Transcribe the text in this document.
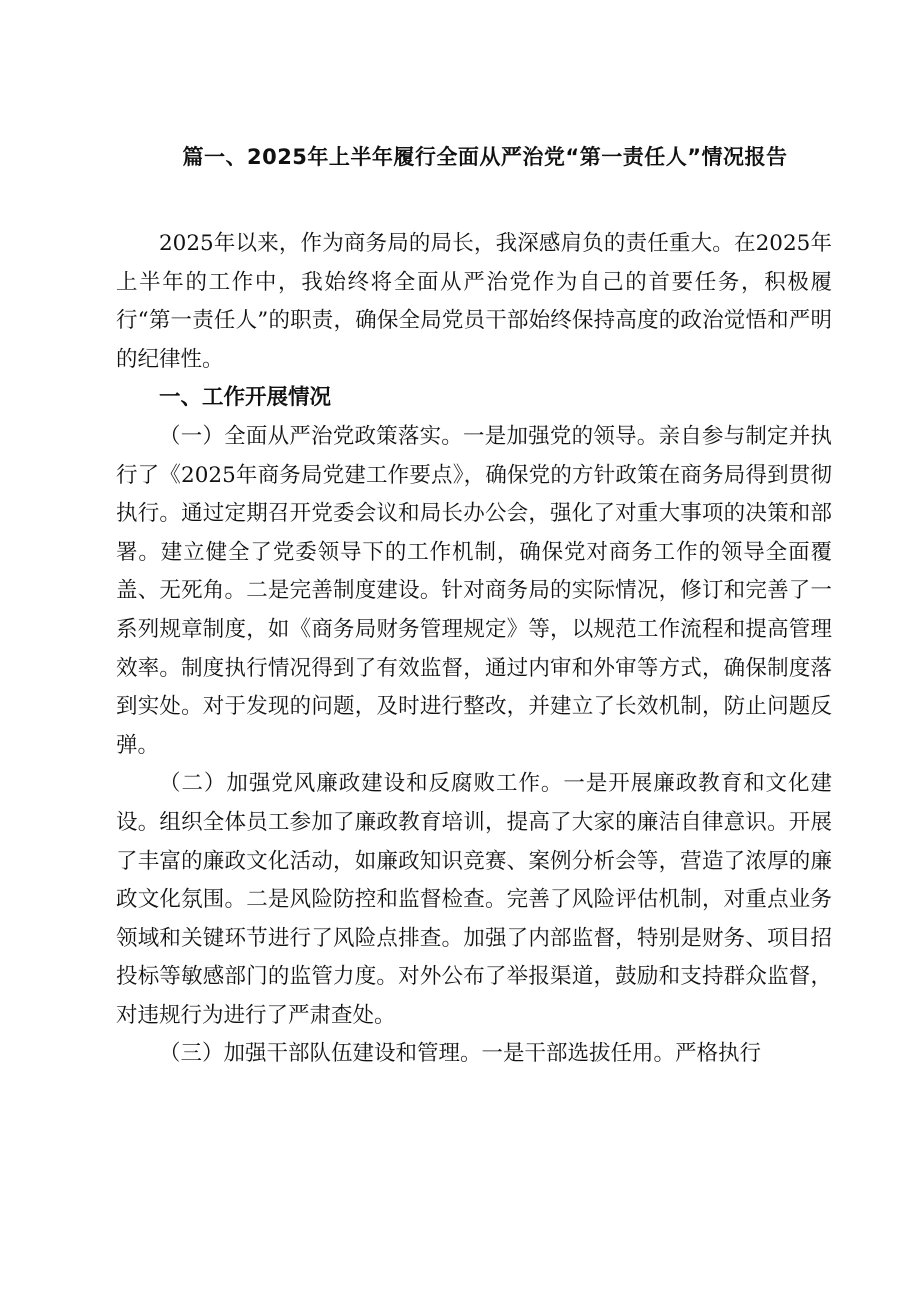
篇一、2025年上半年履行全面从严治党“第一责任人”情况报告

2025年以来，作为商务局的局长，我深感肩负的责任重大。在2025年上半年的工作中，我始终将全面从严治党作为自己的首要任务，积极履行“第一责任人”的职责，确保全局党员干部始终保持高度的政治觉悟和严明的纪律性。

一、工作开展情况

（一）全面从严治党政策落实。一是加强党的领导。亲自参与制定并执行了《2025年商务局党建工作要点》，确保党的方针政策在商务局得到贯彻执行。通过定期召开党委会议和局长办公会，强化了对重大事项的决策和部署。建立健全了党委领导下的工作机制，确保党对商务工作的领导全面覆盖、无死角。二是完善制度建设。针对商务局的实际情况，修订和完善了一系列规章制度，如《商务局财务管理规定》等，以规范工作流程和提高管理效率。制度执行情况得到了有效监督，通过内审和外审等方式，确保制度落到实处。对于发现的问题，及时进行整改，并建立了长效机制，防止问题反弹。

（二）加强党风廉政建设和反腐败工作。一是开展廉政教育和文化建设。组织全体员工参加了廉政教育培训，提高了大家的廉洁自律意识。开展了丰富的廉政文化活动，如廉政知识竞赛、案例分析会等，营造了浓厚的廉政文化氛围。二是风险防控和监督检查。完善了风险评估机制，对重点业务领域和关键环节进行了风险点排查。加强了内部监督，特别是财务、项目招投标等敏感部门的监管力度。对外公布了举报渠道，鼓励和支持群众监督，对违规行为进行了严肃查处。

（三）加强干部队伍建设和管理。一是干部选拔任用。严格执行
